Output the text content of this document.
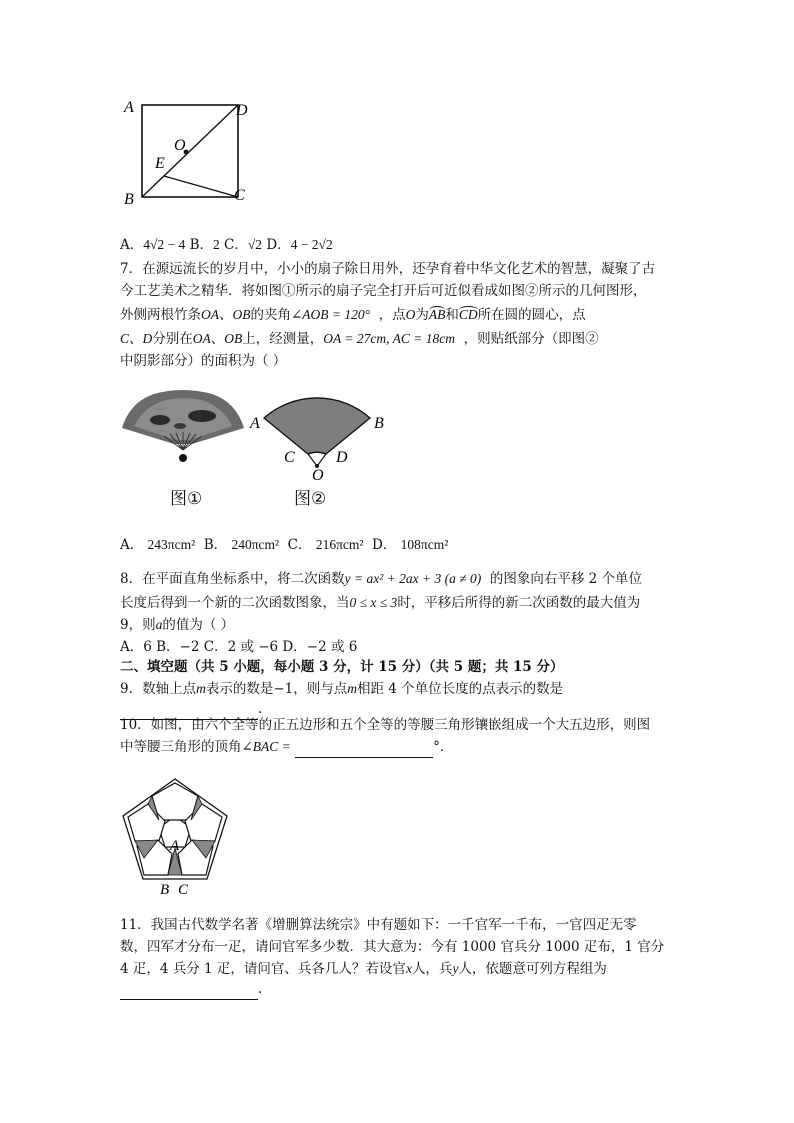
A	D
O
E
B	C
A．4√2 − 4 B．2 C．√2 D．4 − 2√2
7．在源远流长的岁月中，小小的扇子除日用外，还孕育着中华文化艺术的智慧，凝聚了古
今工艺美术之精华．将如图①所示的扇子完全打开后可近似看成如图②所示的几何图形，
外侧两根竹条OA、OB的夹角∠AOB = 120° ，点O为AB和CD所在圆的圆心，点
C、D分别在OA、OB上，经测量，OA = 27cm, AC = 18cm ，则贴纸部分（即图②
中阴影部分）的面积为（ ）
A	B
C
O
D
图①	图②
A． 243πcm² B． 240πcm² C． 216πcm² D． 108πcm²
8．在平面直角坐标系中，将二次函数y = ax² + 2ax + 3 (a ≠ 0) 的图象向右平移 2 个单位
长度后得到一个新的二次函数图象，当0 ≤ x ≤ 3时，平移后所得的新二次函数的最大值为
9，则a的值为（ ）
A．6 B．−2 C．2 或 −6 D．−2 或 6
二、填空题（共 5 小题，每小题 3 分，计 15 分）（共 5 题；共 15 分）
9．数轴上点m表示的数是−1，则与点m相距 4 个单位长度的点表示的数是
.
10．如图，由六个全等的正五边形和五个全等的等腰三角形镶嵌组成一个大五边形，则图
中等腰三角形的顶角∠BAC =	°．
A
B C
11．我国古代数学名著《增删算法统宗》中有题如下：一千官军一千布，一官四疋无零
数，四军才分布一疋，请问官军多少数．其大意为：今有 1000 官兵分 1000 疋布，1 官分
4 疋，4 兵分 1 疋，请问官、兵各几人？若设官x人，兵y人，依题意可列方程组为
.
